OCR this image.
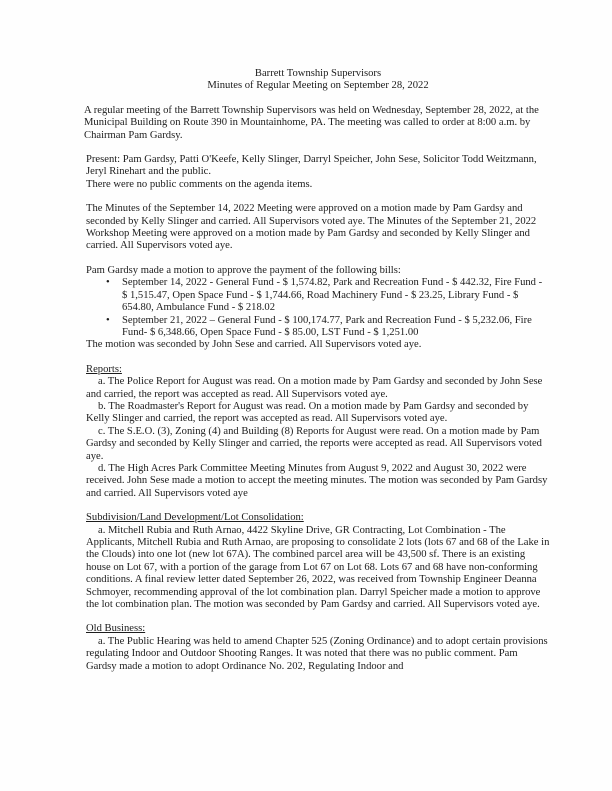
Barrett Township Supervisors

Minutes of Regular Meeting on September 28, 2022

A regular meeting of the Barrett Township Supervisors was held on Wednesday, September 28, 2022, at the Municipal Building on Route 390 in Mountainhome, PA. The meeting was called to order at 8:00 a.m. by Chairman Pam Gardsy.

Present: Pam Gardsy, Patti O'Keefe, Kelly Slinger, Darryl Speicher, John Sese, Solicitor Todd Weitzmann, Jeryl Rinehart and the public.

There were no public comments on the agenda items.

The Minutes of the September 14, 2022 Meeting were approved on a motion made by Pam Gardsy and seconded by Kelly Slinger and carried. All Supervisors voted aye. The Minutes of the September 21, 2022 Workshop Meeting were approved on a motion made by Pam Gardsy and seconded by Kelly Slinger and carried. All Supervisors voted aye.

Pam Gardsy made a motion to approve the payment of the following bills:

• September 14, 2022 - General Fund - $ 1,574.82, Park and Recreation Fund - $ 442.32, Fire Fund - $ 1,515.47, Open Space Fund - $ 1,744.66, Road Machinery Fund - $ 23.25, Library Fund - $ 654.80, Ambulance Fund - $ 218.02
• September 21, 2022 – General Fund - $ 100,174.77, Park and Recreation Fund - $ 5,232.06, Fire Fund- $ 6,348.66, Open Space Fund - $ 85.00, LST Fund - $ 1,251.00

The motion was seconded by John Sese and carried. All Supervisors voted aye.

Reports:

a. The Police Report for August was read. On a motion made by Pam Gardsy and seconded by John Sese and carried, the report was accepted as read. All Supervisors voted aye.

b. The Roadmaster's Report for August was read. On a motion made by Pam Gardsy and seconded by Kelly Slinger and carried, the report was accepted as read. All Supervisors voted aye.

c. The S.E.O. (3), Zoning (4) and Building (8) Reports for August were read. On a motion made by Pam Gardsy and seconded by Kelly Slinger and carried, the reports were accepted as read. All Supervisors voted aye.

d. The High Acres Park Committee Meeting Minutes from August 9, 2022 and August 30, 2022 were received. John Sese made a motion to accept the meeting minutes. The motion was seconded by Pam Gardsy and carried. All Supervisors voted aye

Subdivision/Land Development/Lot Consolidation:

a. Mitchell Rubia and Ruth Arnao, 4422 Skyline Drive, GR Contracting, Lot Combination - The Applicants, Mitchell Rubia and Ruth Arnao, are proposing to consolidate 2 lots (lots 67 and 68 of the Lake in the Clouds) into one lot (new lot 67A). The combined parcel area will be 43,500 sf. There is an existing house on Lot 67, with a portion of the garage from Lot 67 on Lot 68. Lots 67 and 68 have non-conforming conditions. A final review letter dated September 26, 2022, was received from Township Engineer Deanna Schmoyer, recommending approval of the lot combination plan. Darryl Speicher made a motion to approve the lot combination plan. The motion was seconded by Pam Gardsy and carried. All Supervisors voted aye.

Old Business:

a. The Public Hearing was held to amend Chapter 525 (Zoning Ordinance) and to adopt certain provisions regulating Indoor and Outdoor Shooting Ranges. It was noted that there was no public comment. Pam Gardsy made a motion to adopt Ordinance No. 202, Regulating Indoor and
